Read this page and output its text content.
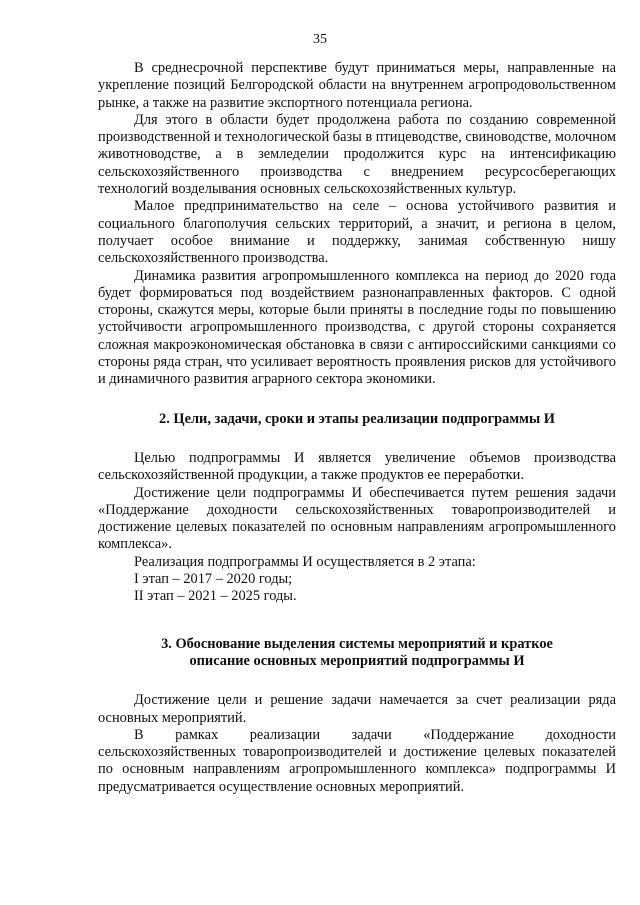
35

В среднесрочной перспективе будут приниматься меры, направленные на укрепление позиций Белгородской области на внутреннем агропродовольственном рынке, а также на развитие экспортного потенциала региона.

Для этого в области будет продолжена работа по созданию современной производственной и технологической базы в птицеводстве, свиноводстве, молочном животноводстве, а в земледелии продолжится курс на интенсификацию сельскохозяйственного производства с внедрением ресурсосберегающих технологий возделывания основных сельскохозяйственных культур.

Малое предпринимательство на селе – основа устойчивого развития и социального благополучия сельских территорий, а значит, и региона в целом, получает особое внимание и поддержку, занимая собственную нишу сельскохозяйственного производства.

Динамика развития агропромышленного комплекса на период до 2020 года будет формироваться под воздействием разнонаправленных факторов. С одной стороны, скажутся меры, которые были приняты в последние годы по повышению устойчивости агропромышленного производства, с другой стороны сохраняется сложная макроэкономическая обстановка в связи с антироссийскими санкциями со стороны ряда стран, что усиливает вероятность проявления рисков для устойчивого и динамичного развития аграрного сектора экономики.

2. Цели, задачи, сроки и этапы реализации подпрограммы И

Целью подпрограммы И является увеличение объемов производства сельскохозяйственной продукции, а также продуктов ее переработки.

Достижение цели подпрограммы И обеспечивается путем решения задачи «Поддержание доходности сельскохозяйственных товаропроизводителей и достижение целевых показателей по основным направлениям агропромышленного комплекса».

Реализация подпрограммы И осуществляется в 2 этапа:

I этап – 2017 – 2020 годы;

II этап – 2021 – 2025 годы.

3. Обоснование выделения системы мероприятий и краткое

описание основных мероприятий подпрограммы И

Достижение цели и решение задачи намечается за счет реализации ряда основных мероприятий.

В рамках реализации задачи «Поддержание доходности сельскохозяйственных товаропроизводителей и достижение целевых показателей по основным направлениям агропромышленного комплекса» подпрограммы И предусматривается осуществление основных мероприятий.
